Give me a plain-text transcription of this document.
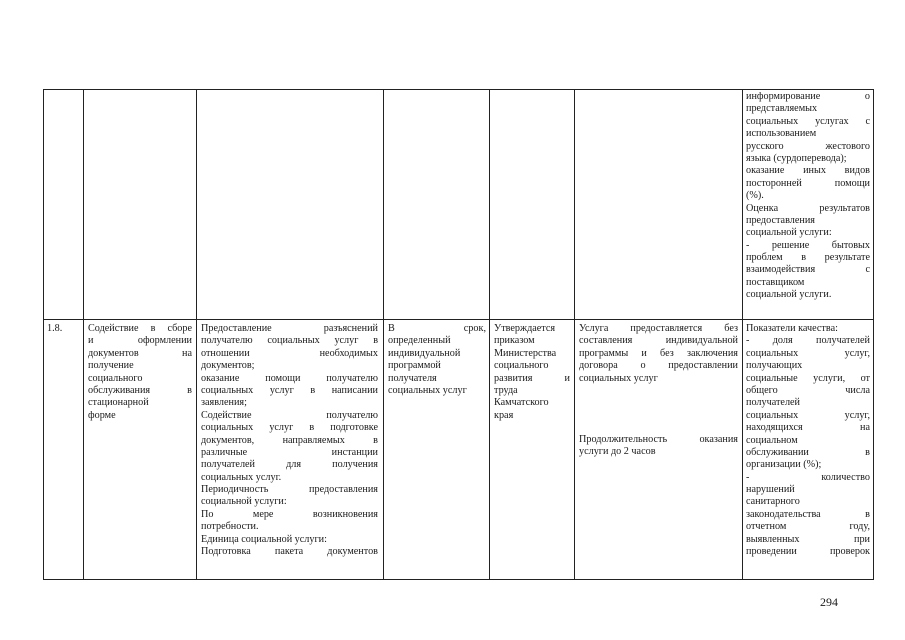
информирование о
представляемых
социальных услугах с
использованием
русского жестового
языка (сурдоперевода);
оказание иных видов
посторонней помощи
(%).
Оценка результатов
предоставления
социальной услуги:
- решение бытовых
проблем в результате
взаимодействия с
поставщиком
социальной услуги.
1.8.	Содействие в сборе
и оформлении
документов на
получение
социального
обслуживания в
стационарной
форме
Предоставление разъяснений
получателю социальных услуг в
отношении необходимых
документов;
оказание помощи получателю
социальных услуг в написании
заявления;
Содействие получателю
социальных услуг в подготовке
документов, направляемых в
различные инстанции
получателей для получения
социальных услуг.
Периодичность предоставления
социальной услуги:
По мере возникновения
потребности.
Единица социальной услуги:
Подготовка пакета документов
В срок,
определенный
индивидуальной
программой
получателя
социальных услуг
Утверждается
приказом
Министерства
социального
развития и
труда
Камчатского
края
Услуга предоставляется без
составления индивидуальной
программы и без заключения
договора о предоставлении
социальных услуг
Продолжительность оказания
услуги до 2 часов
Показатели качества:
- доля получателей
социальных услуг,
получающих
социальные услуги, от
общего числа
получателей
социальных услуг,
находящихся на
социальном
обслуживании в
организации (%);
- количество
нарушений
санитарного
законодательства в
отчетном году,
выявленных при
проведении проверок
294
